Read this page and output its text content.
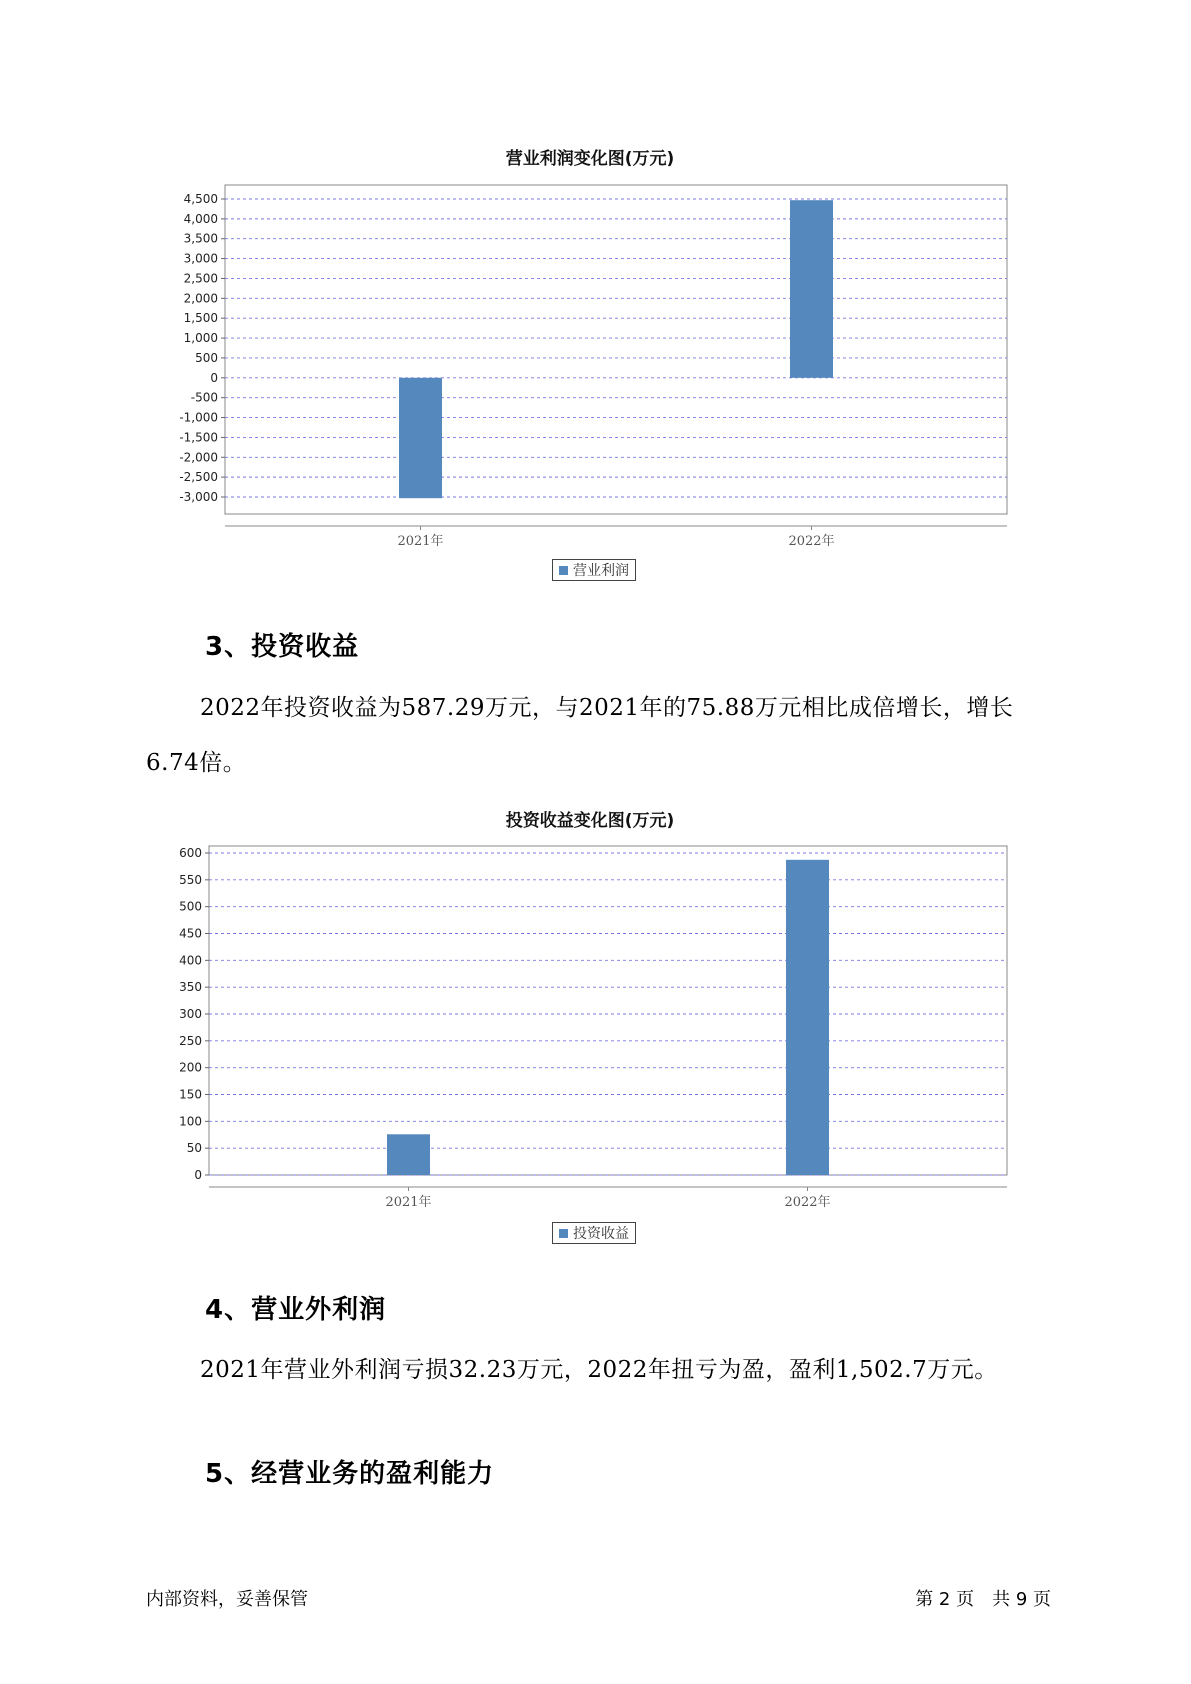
营业利润变化图(万元)
4,500
4,000
3,500
3,000
2,500
2,000
1,500
1,000
500
0
-500
-1,000
-1,500
-2,000
-2,500
-3,000
2021年	2022年
营业利润
3、投资收益
2022年投资收益为587.29万元，与2021年的75.88万元相比成倍增长，增长6.74倍。
投资收益变化图(万元)
600
550
500
450
400
350
300
250
200
150
100
50
0
2021年	2022年
投资收益
4、营业外利润
2021年营业外利润亏损32.23万元，2022年扭亏为盈，盈利1,502.7万元。
5、经营业务的盈利能力
内部资料，妥善保管	第 2 页　共 9 页
